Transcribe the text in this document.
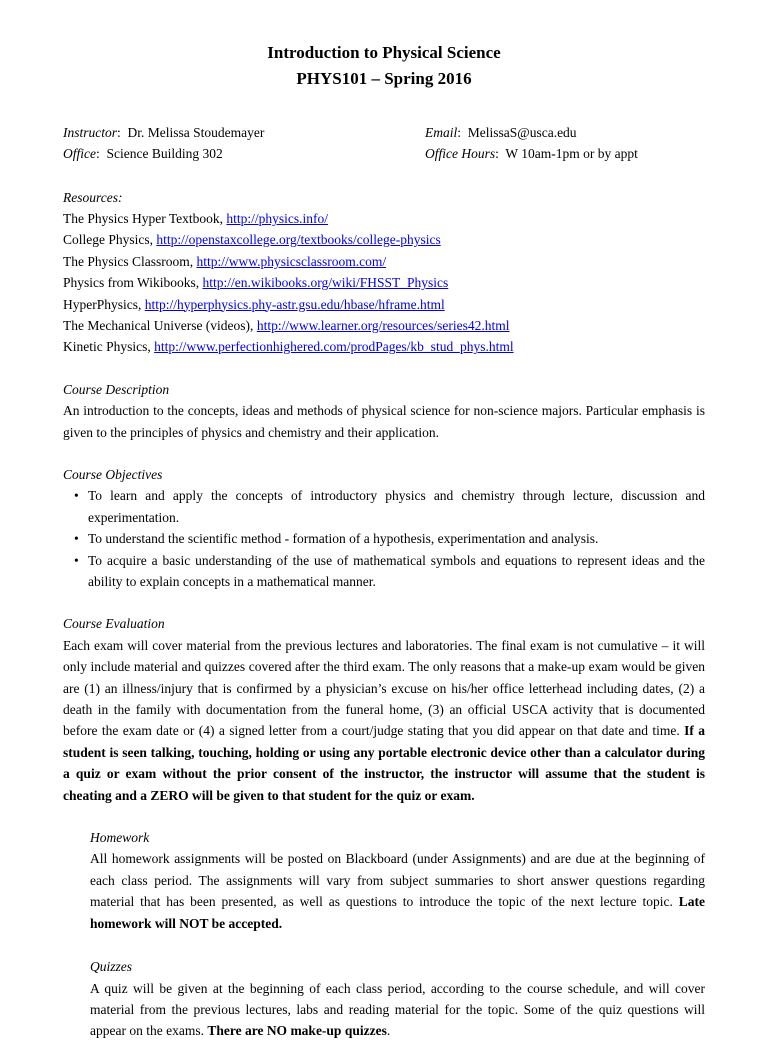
Introduction to Physical Science
PHYS101 – Spring 2016
Instructor:  Dr. Melissa Stoudemayer	Email:  MelissaS@usca.edu
Office:  Science Building 302	Office Hours:  W 10am-1pm or by appt
Resources:
The Physics Hyper Textbook, http://physics.info/
College Physics, http://openstaxcollege.org/textbooks/college-physics
The Physics Classroom, http://www.physicsclassroom.com/
Physics from Wikibooks, http://en.wikibooks.org/wiki/FHSST_Physics
HyperPhysics, http://hyperphysics.phy-astr.gsu.edu/hbase/hframe.html
The Mechanical Universe (videos), http://www.learner.org/resources/series42.html
Kinetic Physics, http://www.perfectionhighered.com/prodPages/kb_stud_phys.html
Course Description

An introduction to the concepts, ideas and methods of physical science for non-science majors. Particular emphasis is given to the principles of physics and chemistry and their application.

Course Objectives
• To learn and apply the concepts of introductory physics and chemistry through lecture, discussion and experimentation.
• To understand the scientific method - formation of a hypothesis, experimentation and analysis.
• To acquire a basic understanding of the use of mathematical symbols and equations to represent ideas and the ability to explain concepts in a mathematical manner.
Course Evaluation

Each exam will cover material from the previous lectures and laboratories. The final exam is not cumulative – it will only include material and quizzes covered after the third exam. The only reasons that a make-up exam would be given are (1) an illness/injury that is confirmed by a physician’s excuse on his/her office letterhead including dates, (2) a death in the family with documentation from the funeral home, (3) an official USCA activity that is documented before the exam date or (4) a signed letter from a court/judge stating that you did appear on that date and time. If a student is seen talking, touching, holding or using any portable electronic device other than a calculator during a quiz or exam without the prior consent of the instructor, the instructor will assume that the student is cheating and a ZERO will be given to that student for the quiz or exam.

Homework

All homework assignments will be posted on Blackboard (under Assignments) and are due at the beginning of each class period. The assignments will vary from subject summaries to short answer questions regarding material that has been presented, as well as questions to introduce the topic of the next lecture topic. Late homework will NOT be accepted.

Quizzes

A quiz will be given at the beginning of each class period, according to the course schedule, and will cover material from the previous lectures, labs and reading material for the topic. Some of the quiz questions will appear on the exams. There are NO make-up quizzes.
